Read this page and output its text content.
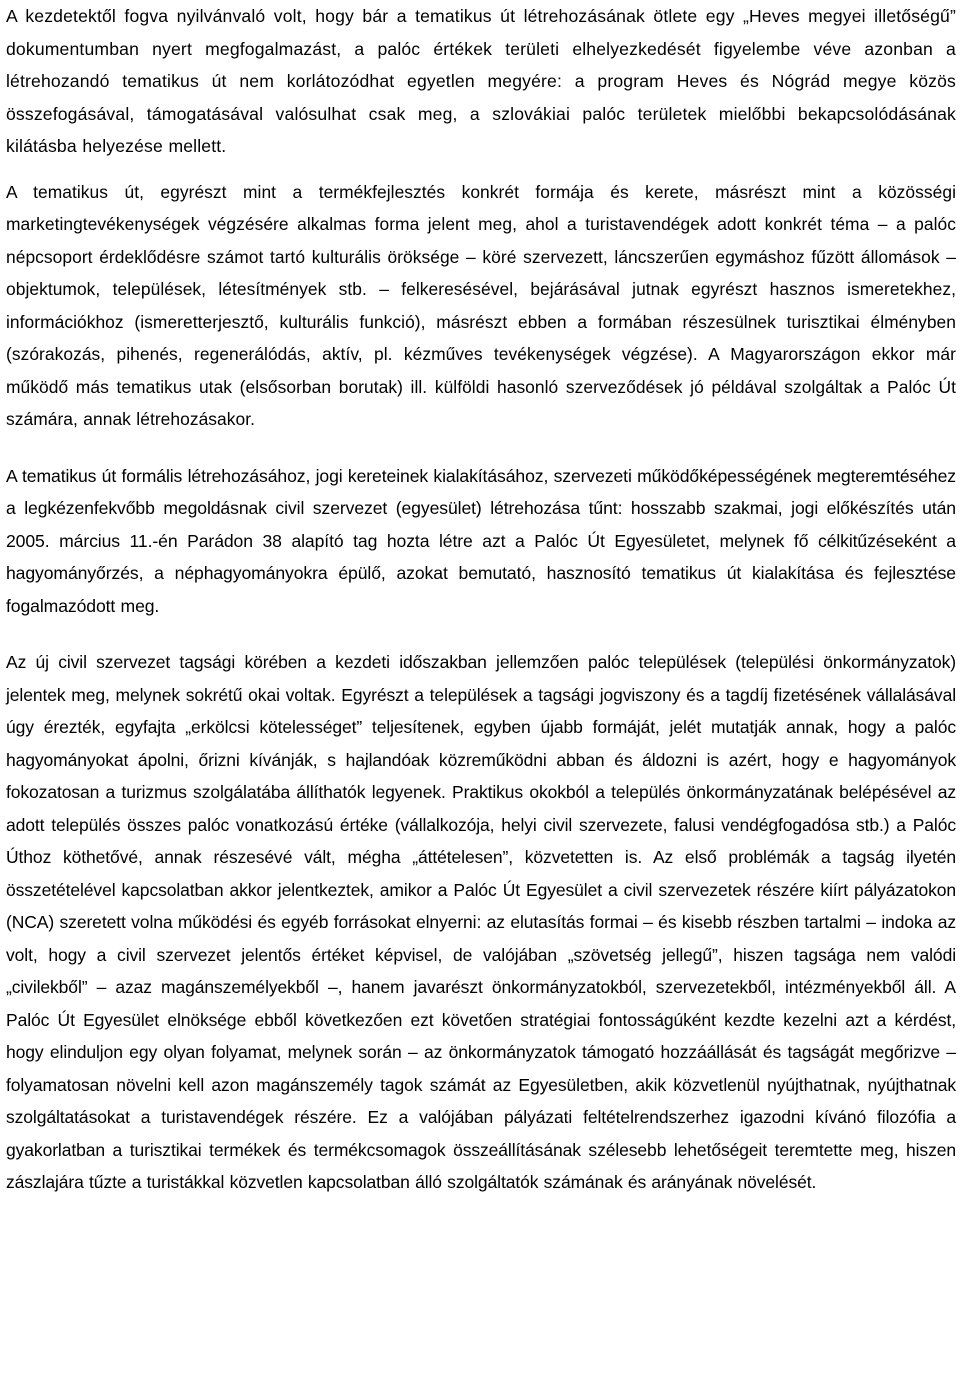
A kezdetektől fogva nyilvánvaló volt, hogy bár a tematikus út létrehozásának ötlete egy „Heves megyei illetőségű” dokumentumban nyert megfogalmazást, a palóc értékek területi elhelyezkedését figyelembe véve azonban a létrehozandó tematikus út nem korlátozódhat egyetlen megyére: a program Heves és Nógrád megye közös összefogásával, támogatásával valósulhat csak meg, a szlovákiai palóc területek mielőbbi bekapcsolódásának kilátásba helyezése mellett.

A tematikus út, egyrészt mint a termékfejlesztés konkrét formája és kerete, másrészt mint a közösségi marketingtevékenységek végzésére alkalmas forma jelent meg, ahol a turistavendégek adott konkrét téma – a palóc népcsoport érdeklődésre számot tartó kulturális öröksége – köré szervezett, láncszerűen egymáshoz fűzött állomások – objektumok, települések, létesítmények stb. – felkeresésével, bejárásával jutnak egyrészt hasznos ismeretekhez, információkhoz (ismeretterjesztő, kulturális funkció), másrészt ebben a formában részesülnek turisztikai élményben (szórakozás, pihenés, regenerálódás, aktív, pl. kézműves tevékenységek végzése). A Magyarországon ekkor már működő más tematikus utak (elsősorban borutak) ill. külföldi hasonló szerveződések jó példával szolgáltak a Palóc Út számára, annak létrehozásakor.

A tematikus út formális létrehozásához, jogi kereteinek kialakításához, szervezeti működőképességének megteremtéséhez a legkézenfekvőbb megoldásnak civil szervezet (egyesület) létrehozása tűnt: hosszabb szakmai, jogi előkészítés után 2005. március 11.-én Parádon 38 alapító tag hozta létre azt a Palóc Út Egyesületet, melynek fő célkitűzéseként a hagyományőrzés, a néphagyományokra épülő, azokat bemutató, hasznosító tematikus út kialakítása és fejlesztése fogalmazódott meg.

Az új civil szervezet tagsági körében a kezdeti időszakban jellemzően palóc települések (települési önkormányzatok) jelentek meg, melynek sokrétű okai voltak. Egyrészt a települések a tagsági jogviszony és a tagdíj fizetésének vállalásával úgy érezték, egyfajta „erkölcsi kötelességet” teljesítenek, egyben újabb formáját, jelét mutatják annak, hogy a palóc hagyományokat ápolni, őrizni kívánják, s hajlandóak közreműködni abban és áldozni is azért, hogy e hagyományok fokozatosan a turizmus szolgálatába állíthatók legyenek. Praktikus okokból a település önkormányzatának belépésével az adott település összes palóc vonatkozású értéke (vállalkozója, helyi civil szervezete, falusi vendégfogadósa stb.) a Palóc Úthoz köthetővé, annak részesévé vált, mégha „áttételesen”, közvetetten is. Az első problémák a tagság ilyetén összetételével kapcsolatban akkor jelentkeztek, amikor a Palóc Út Egyesület a civil szervezetek részére kiírt pályázatokon (NCA) szeretett volna működési és egyéb forrásokat elnyerni: az elutasítás formai – és kisebb részben tartalmi – indoka az volt, hogy a civil szervezet jelentős értéket képvisel, de valójában „szövetség jellegű”, hiszen tagsága nem valódi „civilekből” – azaz magánszemélyekből –, hanem javarészt önkormányzatokból, szervezetekből, intézményekből áll. A Palóc Út Egyesület elnöksége ebből következően ezt követően stratégiai fontosságúként kezdte kezelni azt a kérdést, hogy elinduljon egy olyan folyamat, melynek során – az önkormányzatok támogató hozzáállását és tagságát megőrizve – folyamatosan növelni kell azon magánszemély tagok számát az Egyesületben, akik közvetlenül nyújthatnak, nyújthatnak szolgáltatásokat a turistavendégek részére. Ez a valójában pályázati feltételrendszerhez igazodni kívánó filozófia a gyakorlatban a turisztikai termékek és termékcsomagok összeállításának szélesebb lehetőségeit teremtette meg, hiszen zászlajára tűzte a turistákkal közvetlen kapcsolatban álló szolgáltatók számának és arányának növelését.
